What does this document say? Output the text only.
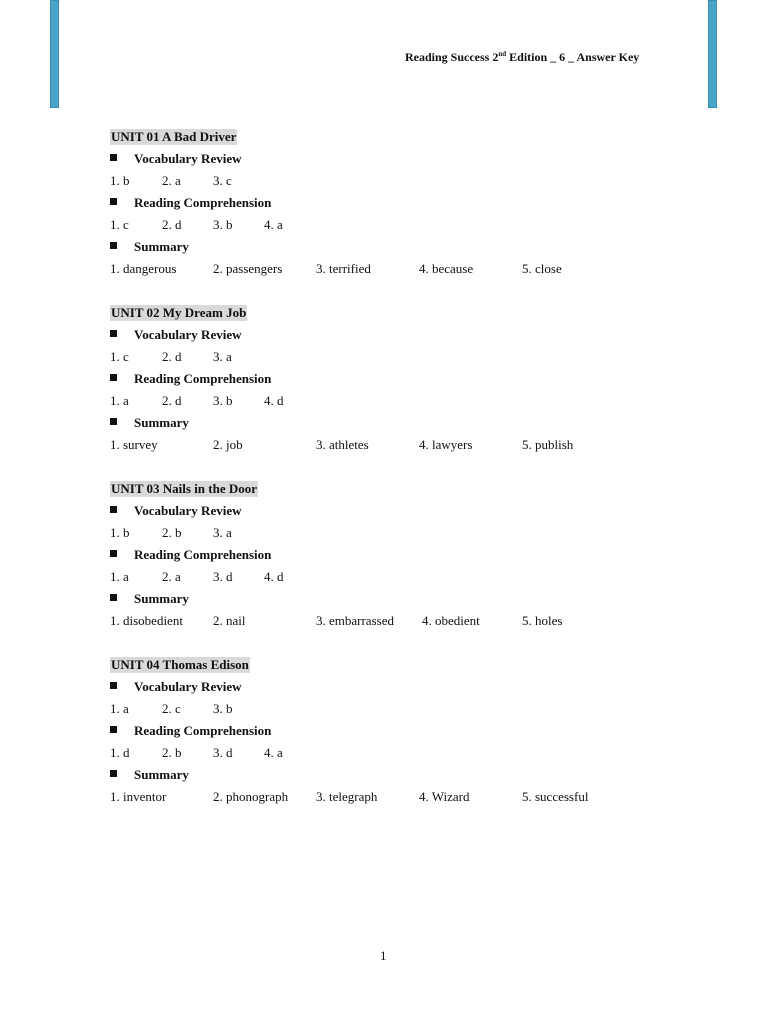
Reading Success 2nd Edition _ 6 _ Answer Key
UNIT 01 A Bad Driver
Vocabulary Review
1. b	2. a 3. c
Reading Comprehension
1. c	2. d 3. b 4. a
Summary
1. dangerous	2. passengers	3. terrified	4. because	5. close
UNIT 02 My Dream Job
Vocabulary Review
1. c	2. d 3. a
Reading Comprehension
1. a	2. d 3. b 4. d
Summary
1. survey	2. job	3. athletes	4. lawyers	5. publish
UNIT 03 Nails in the Door
Vocabulary Review
1. b	2. b 3. a
Reading Comprehension
1. a	2. a 3. d 4. d
Summary
1. disobedient 2. nail	3. embarrassed 4. obedient	5. holes
UNIT 04 Thomas Edison
Vocabulary Review
1. a	2. c 3. b
Reading Comprehension
1. d	2. b 3. d 4. a
Summary
1. inventor	2. phonograph 3. telegraph	4. Wizard	5. successful
1
